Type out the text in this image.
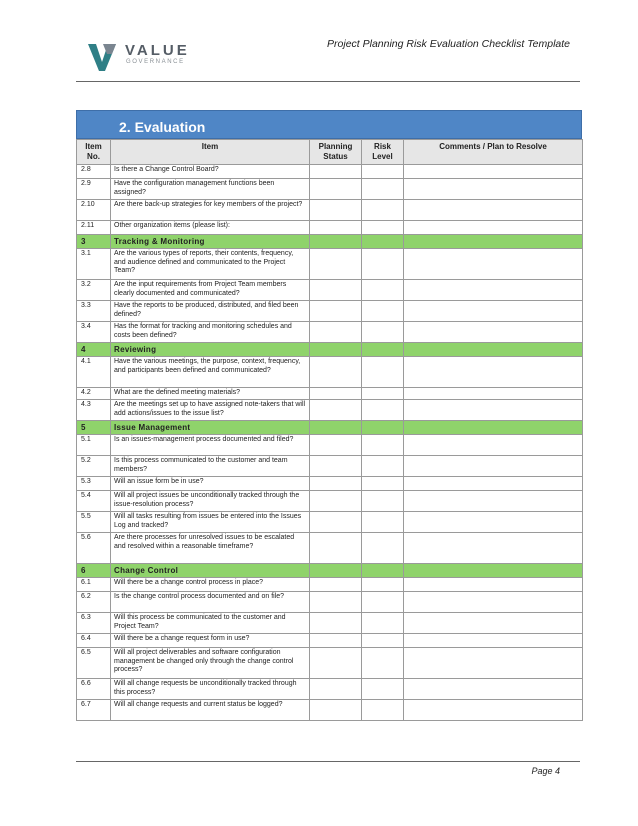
VALUE
GOVERNANCE
Project Planning Risk Evaluation Checklist Template
2. Evaluation
Item No.	Item	Planning Status	Risk Level	Comments / Plan to Resolve
2.8	Is there a Change Control Board?			
2.9	Have the configuration management functions been assigned?			
2.10	Are there back-up strategies for key members of the project?			
2.11	Other organization items (please list):			
3	Tracking & Monitoring			
3.1	Are the various types of reports, their contents, frequency, and audience defined and communicated to the Project Team?			
3.2	Are the input requirements from Project Team members clearly documented and communicated?			
3.3	Have the reports to be produced, distributed, and filed been defined?			
3.4	Has the format for tracking and monitoring schedules and costs been defined?			
4	Reviewing			
4.1	Have the various meetings, the purpose, context, frequency, and participants been defined and communicated?			
4.2	What are the defined meeting materials?			
4.3	Are the meetings set up to have assigned note-takers that will add actions/issues to the issue list?			
5	Issue Management			
5.1	Is an issues-management process documented and filed?			
5.2	Is this process communicated to the customer and team members?			
5.3	Will an issue form be in use?			
5.4	Will all project issues be unconditionally tracked through the issue-resolution process?			
5.5	Will all tasks resulting from issues be entered into the Issues Log and tracked?			
5.6	Are there processes for unresolved issues to be escalated and resolved within a reasonable timeframe?			
6	Change Control			
6.1	Will there be a change control process in place?			
6.2	Is the change control process documented and on file?			
6.3	Will this process be communicated to the customer and Project Team?			
6.4	Will there be a change request form in use?			
6.5	Will all project deliverables and software configuration management be changed only through the change control process?			
6.6	Will all change requests be unconditionally tracked through this process?			
6.7	Will all change requests and current status be logged?			
Page 4
